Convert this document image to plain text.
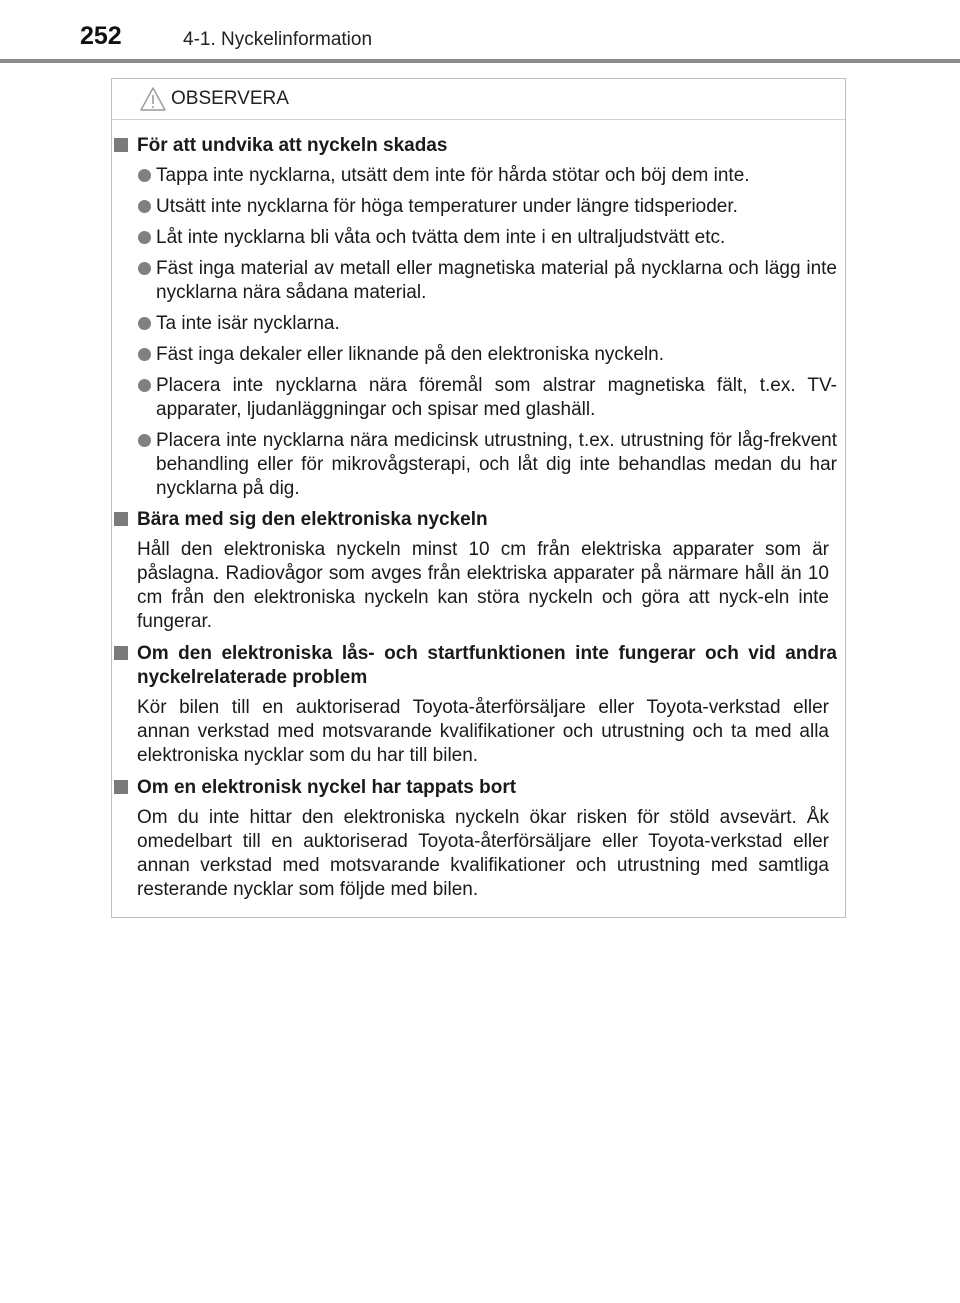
252	4-1. Nyckelinformation
OBSERVERA
För att undvika att nyckeln skadas
Tappa inte nycklarna, utsätt dem inte för hårda stötar och böj dem inte.
Utsätt inte nycklarna för höga temperaturer under längre tidsperioder.
Låt inte nycklarna bli våta och tvätta dem inte i en ultraljudstvätt etc.
Fäst inga material av metall eller magnetiska material på nycklarna och lägg inte nycklarna nära sådana material.
Ta inte isär nycklarna.
Fäst inga dekaler eller liknande på den elektroniska nyckeln.
Placera inte nycklarna nära föremål som alstrar magnetiska fält, t.ex. TV-apparater, ljudanläggningar och spisar med glashäll.
Placera inte nycklarna nära medicinsk utrustning, t.ex. utrustning för låg-frekvent behandling eller för mikrovågsterapi, och låt dig inte behandlas medan du har nycklarna på dig.
Bära med sig den elektroniska nyckeln
Håll den elektroniska nyckeln minst 10 cm från elektriska apparater som är påslagna. Radiovågor som avges från elektriska apparater på närmare håll än 10 cm från den elektroniska nyckeln kan störa nyckeln och göra att nyck-eln inte fungerar.
Om den elektroniska lås- och startfunktionen inte fungerar och vid andra nyckelrelaterade problem
Kör bilen till en auktoriserad Toyota-återförsäljare eller Toyota-verkstad eller annan verkstad med motsvarande kvalifikationer och utrustning och ta med alla elektroniska nycklar som du har till bilen.
Om en elektronisk nyckel har tappats bort
Om du inte hittar den elektroniska nyckeln ökar risken för stöld avsevärt. Åk omedelbart till en auktoriserad Toyota-återförsäljare eller Toyota-verkstad eller annan verkstad med motsvarande kvalifikationer och utrustning med samtliga resterande nycklar som följde med bilen.
